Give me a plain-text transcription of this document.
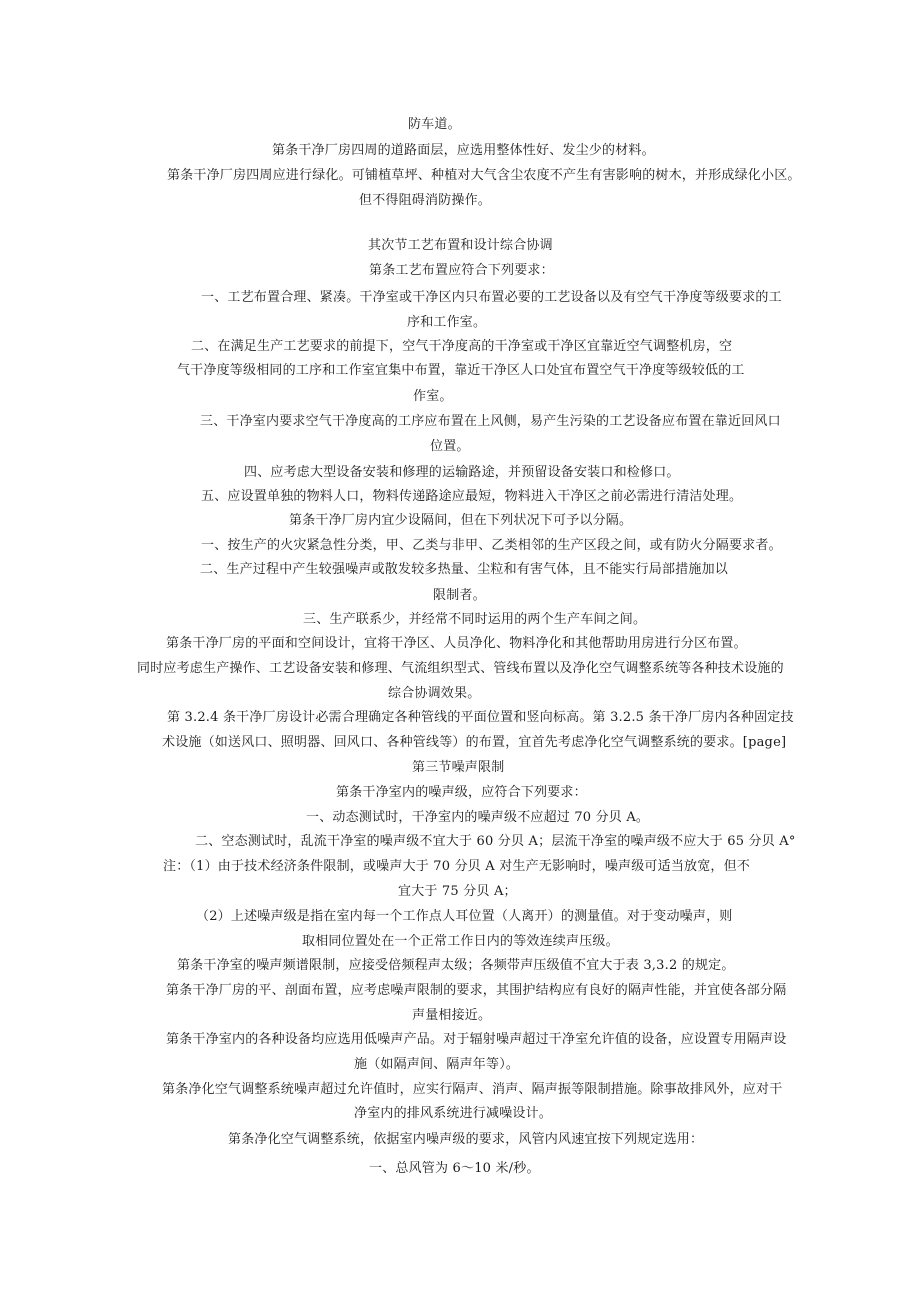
防车道。
第条干净厂房四周的道路面层，应选用整体性好、发尘少的材料。
第条干净厂房四周应进行绿化。可铺植草坪、种植对大气含尘农度不产生有害影响的树木，并形成绿化小区。
但不得阻碍消防操作。
其次节工艺布置和设计综合协调
第条工艺布置应符合下列要求：
一、工艺布置合理、紧凑。干净室或干净区内只布置必要的工艺设备以及有空气干净度等级要求的工
序和工作室。
二、在满足生产工艺要求的前提下，空气干净度高的干净室或干净区宜靠近空气调整机房，空
气干净度等级相同的工序和工作室宜集中布置，靠近干净区人口处宜布置空气干净度等级较低的工
作室。
三、干净室内要求空气干净度高的工序应布置在上风侧，易产生污染的工艺设备应布置在靠近回风口
位置。
四、应考虑大型设备安装和修理的运输路途，并预留设备安装口和检修口。
五、应设置单独的物料人口，物料传递路途应最短，物料进入干净区之前必需进行清洁处理。
第条干净厂房内宜少设隔间，但在下列状况下可予以分隔。
一、按生产的火灾紧急性分类，甲、乙类与非甲、乙类相邻的生产区段之间，或有防火分隔要求者。
二、生产过程中产生较强噪声或散发较多热量、尘粒和有害气体，且不能实行局部措施加以
限制者。
三、生产联系少，并经常不同时运用的两个生产车间之间。
第条干净厂房的平面和空间设计，宜将干净区、人员净化、物料净化和其他帮助用房进行分区布置。
同时应考虑生产操作、工艺设备安装和修理、气流组织型式、管线布置以及净化空气调整系统等各种技术设施的
综合协调效果。
第 3.2.4 条干净厂房设计必需合理确定各种管线的平面位置和竖向标高。第 3.2.5 条干净厂房内各种固定技
术设施（如送风口、照明器、回风口、各种管线等）的布置，宜首先考虑净化空气调整系统的要求。[page]
第三节噪声限制
第条干净室内的噪声级，应符合下列要求：
一、动态测试时，干净室内的噪声级不应超过 70 分贝 A。
二、空态测试时，乱流干净室的噪声级不宜大于 60 分贝 A；层流干净室的噪声级不应大于 65 分贝 A°
注：（1）由于技术经济条件限制，或噪声大于 70 分贝 A 对生产无影响时，噪声级可适当放宽，但不
宜大于 75 分贝 A；
（2）上述噪声级是指在室内每一个工作点人耳位置（人离开）的测量值。对于变动噪声，则
取相同位置处在一个正常工作日内的等效连续声压级。
第条干净室的噪声频谱限制，应接受倍频程声太级；各频带声压级值不宜大于表 3,3.2 的规定。
第条干净厂房的平、剖面布置，应考虑噪声限制的要求，其围护结构应有良好的隔声性能，并宜使各部分隔
声量相接近。
第条干净室内的各种设备均应选用低噪声产品。对于辐射噪声超过干净室允许值的设备，应设置专用隔声设
施（如隔声间、隔声年等）。
第条净化空气调整系统噪声超过允许值时，应实行隔声、消声、隔声振等限制措施。除事故排风外，应对干
净室内的排风系统进行减噪设计。
第条净化空气调整系统，依据室内噪声级的要求，风管内风速宜按下列规定选用：
一、总风管为 6～10 米/秒。
